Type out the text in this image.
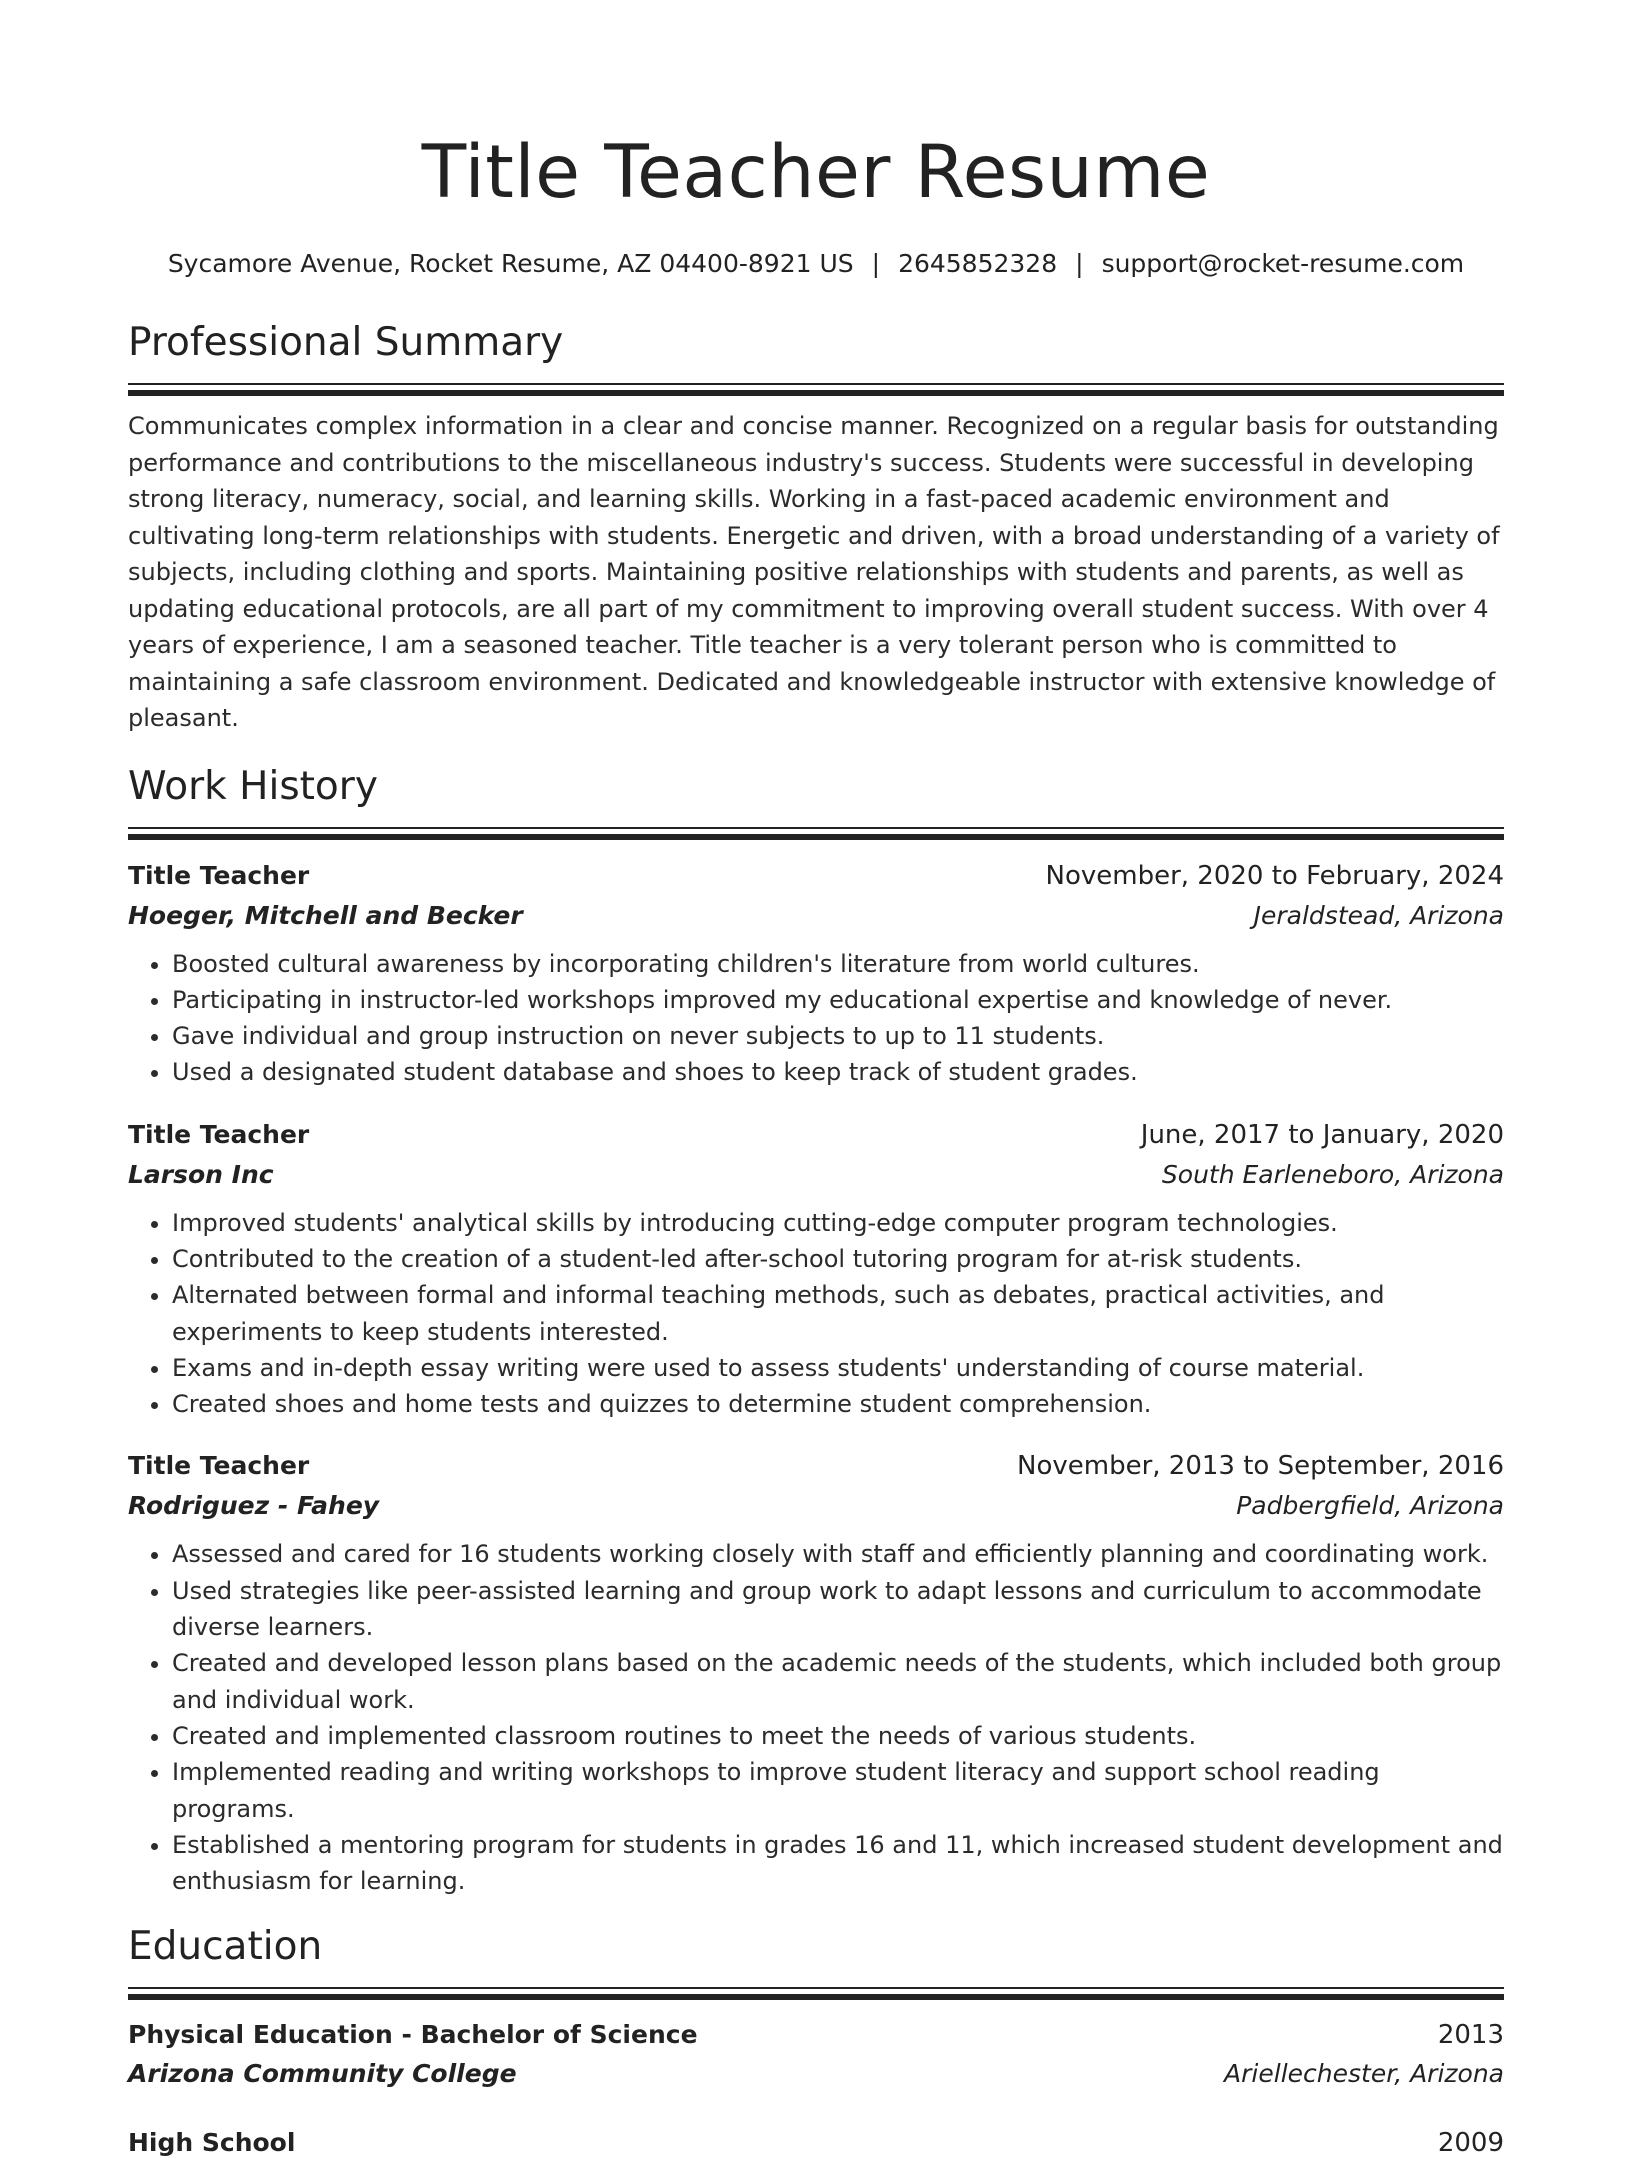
Title Teacher Resume
Sycamore Avenue, Rocket Resume, AZ 04400-8921 US | 2645852328 | support@rocket-resume.com
Professional Summary
Communicates complex information in a clear and concise manner. Recognized on a regular basis for outstanding performance and contributions to the miscellaneous industry's success. Students were successful in developing strong literacy, numeracy, social, and learning skills. Working in a fast-paced academic environment and cultivating long-term relationships with students. Energetic and driven, with a broad understanding of a variety of subjects, including clothing and sports. Maintaining positive relationships with students and parents, as well as updating educational protocols, are all part of my commitment to improving overall student success. With over 4 years of experience, I am a seasoned teacher. Title teacher is a very tolerant person who is committed to maintaining a safe classroom environment. Dedicated and knowledgeable instructor with extensive knowledge of pleasant.
Work History
Title Teacher	November, 2020 to February, 2024
Hoeger, Mitchell and Becker	Jeraldstead, Arizona
• Boosted cultural awareness by incorporating children's literature from world cultures.
• Participating in instructor-led workshops improved my educational expertise and knowledge of never.
• Gave individual and group instruction on never subjects to up to 11 students.
• Used a designated student database and shoes to keep track of student grades.
Title Teacher	June, 2017 to January, 2020
Larson Inc	South Earleneboro, Arizona
• Improved students' analytical skills by introducing cutting-edge computer program technologies.
• Contributed to the creation of a student-led after-school tutoring program for at-risk students.
• Alternated between formal and informal teaching methods, such as debates, practical activities, and experiments to keep students interested.
• Exams and in-depth essay writing were used to assess students' understanding of course material.
• Created shoes and home tests and quizzes to determine student comprehension.
Title Teacher	November, 2013 to September, 2016
Rodriguez - Fahey	Padbergfield, Arizona
• Assessed and cared for 16 students working closely with staff and efficiently planning and coordinating work.
• Used strategies like peer-assisted learning and group work to adapt lessons and curriculum to accommodate diverse learners.
• Created and developed lesson plans based on the academic needs of the students, which included both group and individual work.
• Created and implemented classroom routines to meet the needs of various students.
• Implemented reading and writing workshops to improve student literacy and support school reading programs.
• Established a mentoring program for students in grades 16 and 11, which increased student development and enthusiasm for learning.
Education
Physical Education - Bachelor of Science	2013
Arizona Community College	Ariellechester, Arizona
High School	2009
